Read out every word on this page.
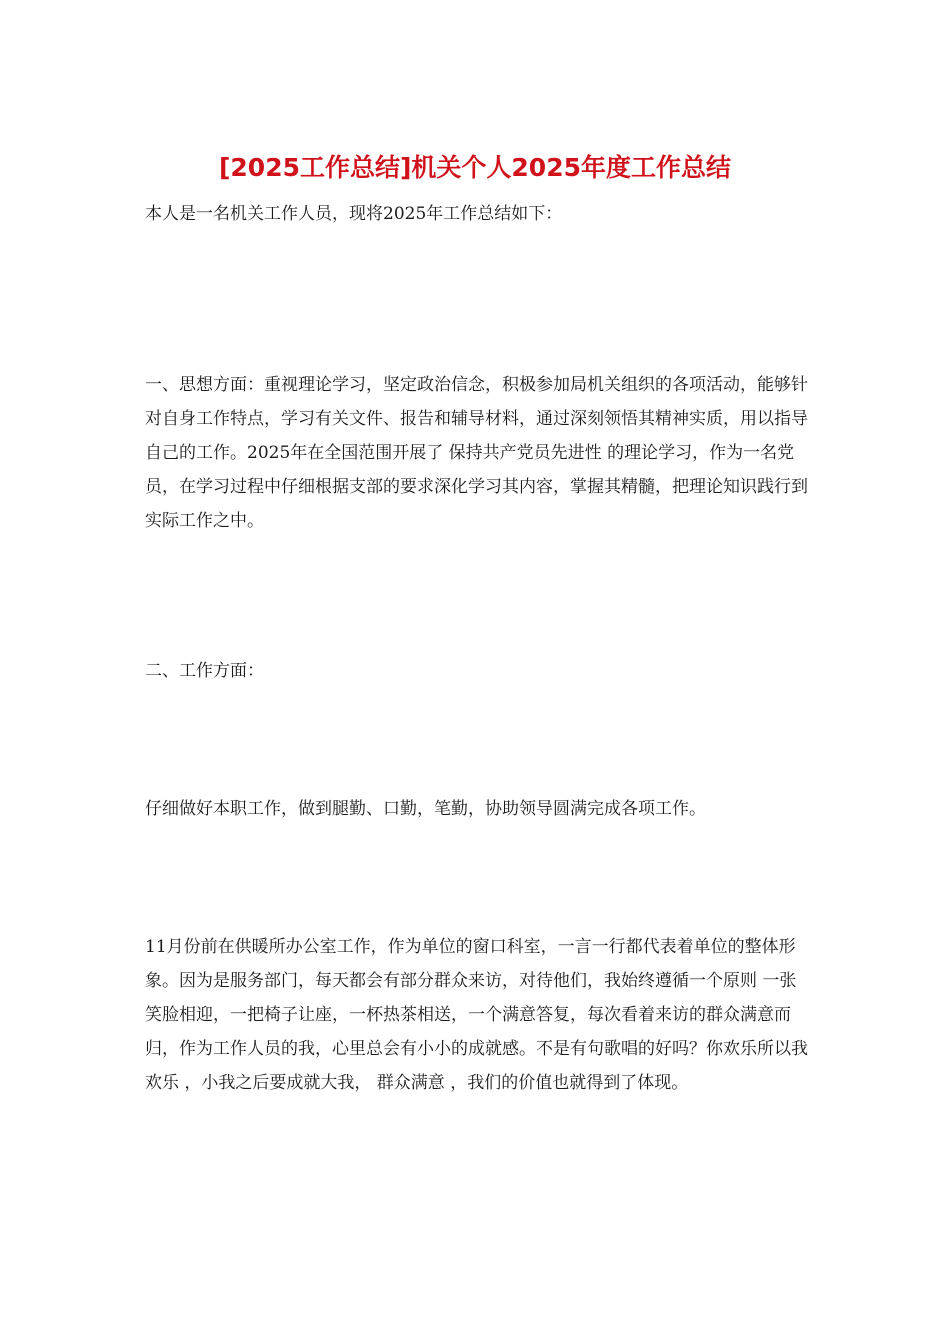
[2025工作总结]机关个人2025年度工作总结

本人是一名机关工作人员，现将2025年工作总结如下：

一、思想方面：重视理论学习，坚定政治信念，积极参加局机关组织的各项活动，能够针对自身工作特点，学习有关文件、报告和辅导材料，通过深刻领悟其精神实质，用以指导自己的工作。2025年在全国范围开展了 保持共产党员先进性 的理论学习，作为一名党员，在学习过程中仔细根据支部的要求深化学习其内容，掌握其精髓，把理论知识践行到实际工作之中。

二、工作方面：

仔细做好本职工作，做到腿勤、口勤，笔勤，协助领导圆满完成各项工作。

11月份前在供暖所办公室工作，作为单位的窗口科室，一言一行都代表着单位的整体形象。因为是服务部门，每天都会有部分群众来访，对待他们，我始终遵循一个原则 一张笑脸相迎，一把椅子让座，一杯热茶相送，一个满意答复，每次看着来访的群众满意而归，作为工作人员的我，心里总会有小小的成就感。不是有句歌唱的好吗？你欢乐所以我欢乐 ，小我之后要成就大我， 群众满意 ，我们的价值也就得到了体现。
